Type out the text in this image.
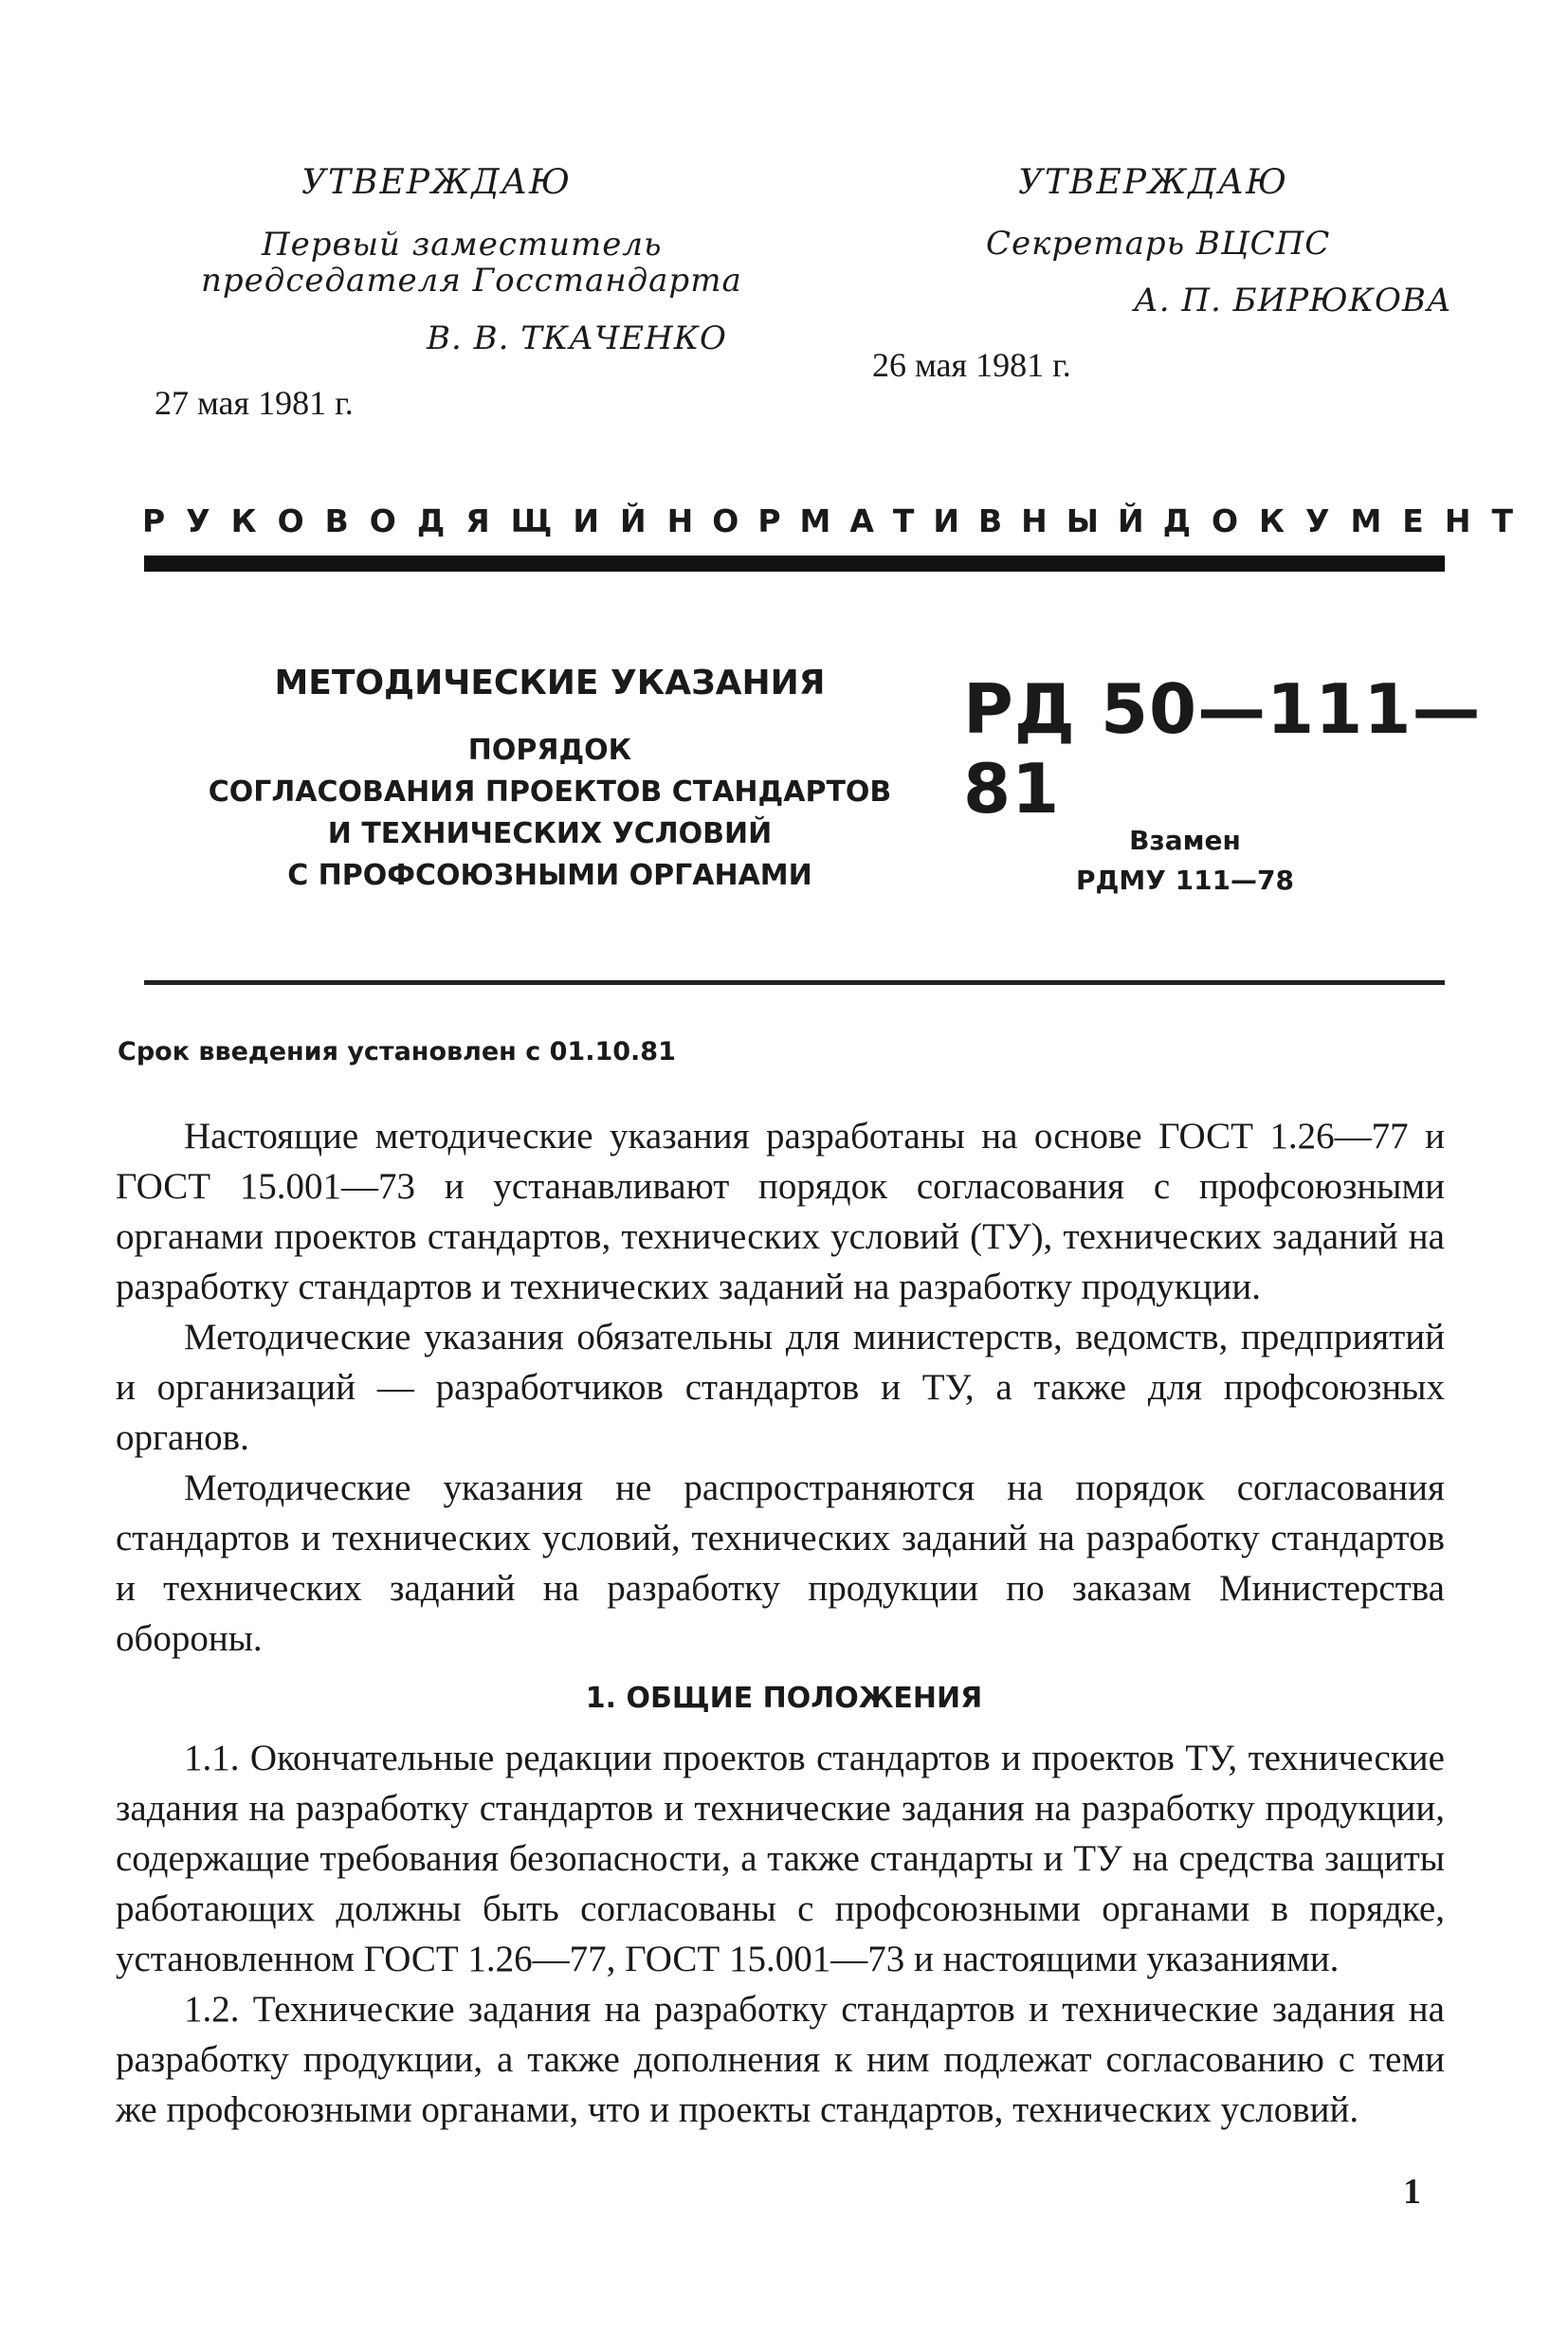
УТВЕРЖДАЮ
Первый заместитель
председателя Госстандарта
В. В. ТКАЧЕНКО
27 мая 1981 г.
УТВЕРЖДАЮ
Секретарь ВЦСПС
А. П. БИРЮКОВА
26 мая 1981 г.
РУКОВОДЯЩИЙ НОРМАТИВНЫЙ ДОКУМЕНТ
МЕТОДИЧЕСКИЕ УКАЗАНИЯ
ПОРЯДОК
СОГЛАСОВАНИЯ ПРОЕКТОВ СТАНДАРТОВ
И ТЕХНИЧЕСКИХ УСЛОВИЙ
С ПРОФСОЮЗНЫМИ ОРГАНАМИ
РД 50—111—81
Взамен
РДМУ 111—78
Срок введения установлен с 01.10.81

Настоящие методические указания разработаны на основе ГОСТ 1.26—77 и ГОСТ 15.001—73 и устанавливают порядок согласования с профсоюзными органами проектов стандартов, технических условий (ТУ), технических заданий на разработку стандартов и технических заданий на разработку продукции.

Методические указания обязательны для министерств, ведомств, предприятий и организаций — разработчиков стандартов и ТУ, а также для профсоюзных органов.

Методические указания не распространяются на порядок согласования стандартов и технических условий, технических заданий на разработку стандартов и технических заданий на разработку продукции по заказам Министерства обороны.

1. ОБЩИЕ ПОЛОЖЕНИЯ

1.1. Окончательные редакции проектов стандартов и проектов ТУ, технические задания на разработку стандартов и технические задания на разработку продукции, содержащие требования безопасности, а также стандарты и ТУ на средства защиты работающих должны быть согласованы с профсоюзными органами в порядке, установленном ГОСТ 1.26—77, ГОСТ 15.001—73 и настоящими указаниями.

1.2. Технические задания на разработку стандартов и технические задания на разработку продукции, а также дополнения к ним подлежат согласованию с теми же профсоюзными органами, что и проекты стандартов, технических условий.

1
